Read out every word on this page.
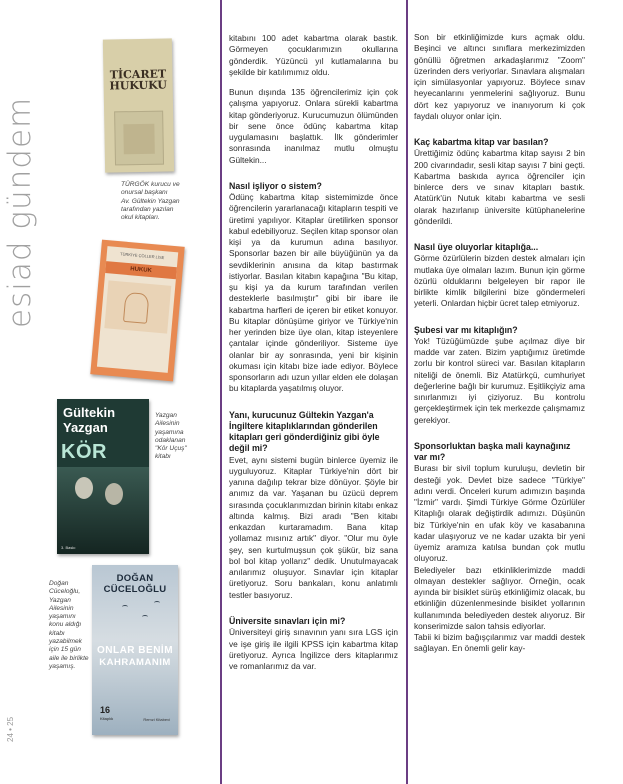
esiad gündem
24 • 25
TİCARET
HUKUKU
TÜRGÖK kurucu ve
onursal başkanı
Av. Gültekin Yazgan
tarafından yazılan
okul kitapları.
TÜRKİYE ÇÖLLER LİSE
HUKUK
Gültekin
Yazgan
KÖR
3. Baskı
Yazgan
Ailesinin
yaşamına
odaklanan
"Kör Uçuş"
kitabı
DOĞAN CÜCELOĞLU
ONLAR BENİM
KAHRAMANIM
16
Kitaplık	Remzi Kitabevi
Doğan
Cüceloğlu,
Yazgan
Ailesinin
yaşamını
konu aldığı
kitabı
yazabilmek
için 15 gün
aile ile birlikte
yaşamış.

kitabını 100 adet kabartma olarak bastık. Görmeyen çocuklarımızın okullarına gönderdik. Yüzüncü yıl kutlamalarına bu şekilde bir katılımımız oldu.

Bunun dışında 135 öğrencilerimiz için çok çalışma yapıyoruz. Onlara sürekli kabartma kitap gönderiyoruz. Kurucumuzun ölümünden bir sene önce ödünç kabartma kitap uygulamasını başlattık. İlk gönderimler sonrasında inanılmaz mutlu olmuştu Gültekin...

Nasıl işliyor o sistem?

Ödünç kabartma kitap sistemimizde önce öğrencilerin yararlanacağı kitapların tespiti ve üretimi yapılıyor. Kitaplar üretilirken sponsor kabul edebiliyoruz. Seçilen kitap sponsor olan kişi ya da kurumun adına basılıyor. Sponsorlar bazen bir aile büyüğünün ya da sevdiklerinin anısına da kitap bastırmak istiyorlar. Basılan kitabın kapağına "Bu kitap, şu kişi ya da kurum tarafından verilen desteklerle basılmıştır" gibi bir ibare ile kabartma harfleri de içeren bir etiket konuyor. Bu kitaplar dönüşüme giriyor ve Türkiye'nin her yerinden bize üye olan, kitap isteyenlere çantalar içinde gönderiliyor. Sisteme üye olanlar bir ay sonrasında, yeni bir kişinin okuması için kitabı bize iade ediyor. Böylece sponsorların adı uzun yıllar elden ele dolaşan bu kitaplarda yaşatılmış oluyor.

Yanı, kurucunuz Gültekin Yazgan'a İngiltere kitaplıklarından gönderilen kitapları geri gönderdiğiniz gibi öyle değil mi?

Evet, aynı sistemi bugün binlerce üyemiz ile uyguluyoruz. Kitaplar Türkiye'nin dört bir yanına dağılıp tekrar bize dönüyor. Şöyle bir anımız da var. Yaşanan bu üzücü deprem sırasında çocuklarımızdan birinin kitabı enkaz altında kalmış. Bizi aradı "Ben kitabı enkazdan kurtaramadım. Bana kitap yollamaz mısınız artık" diyor. "Olur mu öyle şey, sen kurtulmuşsun çok şükür, biz sana bol bol kitap yollarız" dedik. Unutulmayacak anılarımız oluşuyor. Sınavlar için kitaplar üretiyoruz. Soru bankaları, konu anlatımlı testler basıyoruz.

Üniversite sınavları için mi?

Üniversiteyi giriş sınavının yanı sıra LGS için ve işe giriş ile ilgili KPSS için kabartma kitap üretiyoruz. Ayrıca İngilizce ders kitaplarımız ve romanlarımız da var.

Son bir etkinliğimizde kurs açmak oldu. Beşinci ve altıncı sınıflara merkezimizden gönüllü öğretmen arkadaşlarımız "Zoom" üzerinden ders veriyorlar. Sınavlara alışmaları için simülasyonlar yapıyoruz. Böylece sınav heyecanlarını yenmelerini sağlıyoruz. Bunu dört kez yapıyoruz ve inanıyorum ki çok faydalı oluyor onlar için.

Kaç kabartma kitap var basılan?

Ürettiğimiz ödünç kabartma kitap sayısı 2 bin 200 civarındadır, sesli kitap sayısı 7 bini geçti. Kabartma baskıda ayrıca öğrenciler için binlerce ders ve sınav kitapları bastık. Atatürk'ün Nutuk kitabı kabartma ve sesli olarak hazırlanıp üniversite kütüphanelerine gönderildi.

Nasıl üye oluyorlar kitaplığa...

Görme özürlülerin bizden destek almaları için mutlaka üye olmaları lazım. Bunun için görme özürlü olduklarını belgeleyen bir rapor ile birlikte kimlik bilgilerini bize göndermeleri yeterli. Onlardan hiçbir ücret talep etmiyoruz.

Şubesi var mı kitaplığın?

Yok! Tüzüğümüzde şube açılmaz diye bir madde var zaten. Bizim yaptığımız üretimde zorlu bir kontrol süreci var. Basılan kitapların niteliği de önemli. Biz Atatürkçü, cumhuriyet değerlerine bağlı bir kurumuz. Eşitlikçiyiz ama sınırlanmızı iyi çiziyoruz. Bu kontrolu gerçekleştirmek için tek merkezde çalışmamız gerekiyor.

Sponsorluktan başka mali kaynağınız var mı?

Burası bir sivil toplum kuruluşu, devletin bir desteği yok. Devlet bize sadece "Türkiye" adını verdi. Önceleri kurum adımızın başında "İzmir" vardı. Şimdi Türkiye Görme Özürlüler Kitaplığı olarak değiştirdik adımızı. Düşünün biz Türkiye'nin en ufak köy ve kasabanına kadar ulaşıyoruz ve ne kadar uzakta bir yeni üyemiz aramıza katılsa bundan çok mutlu oluyoruz.

Belediyeler bazı etkinliklerimizde maddi olmayan destekler sağlıyor. Örneğin, ocak ayında bir bisiklet sürüş etkinliğimiz olacak, bu etkinliğin düzenlenmesinde bisiklet yollarının kullanımında belediyeden destek alıyoruz. Bir konserimizde salon tahsis ediyorlar.

Tabii ki bizim bağışçılarımız var maddi destek sağlayan. En önemli gelir kay-
